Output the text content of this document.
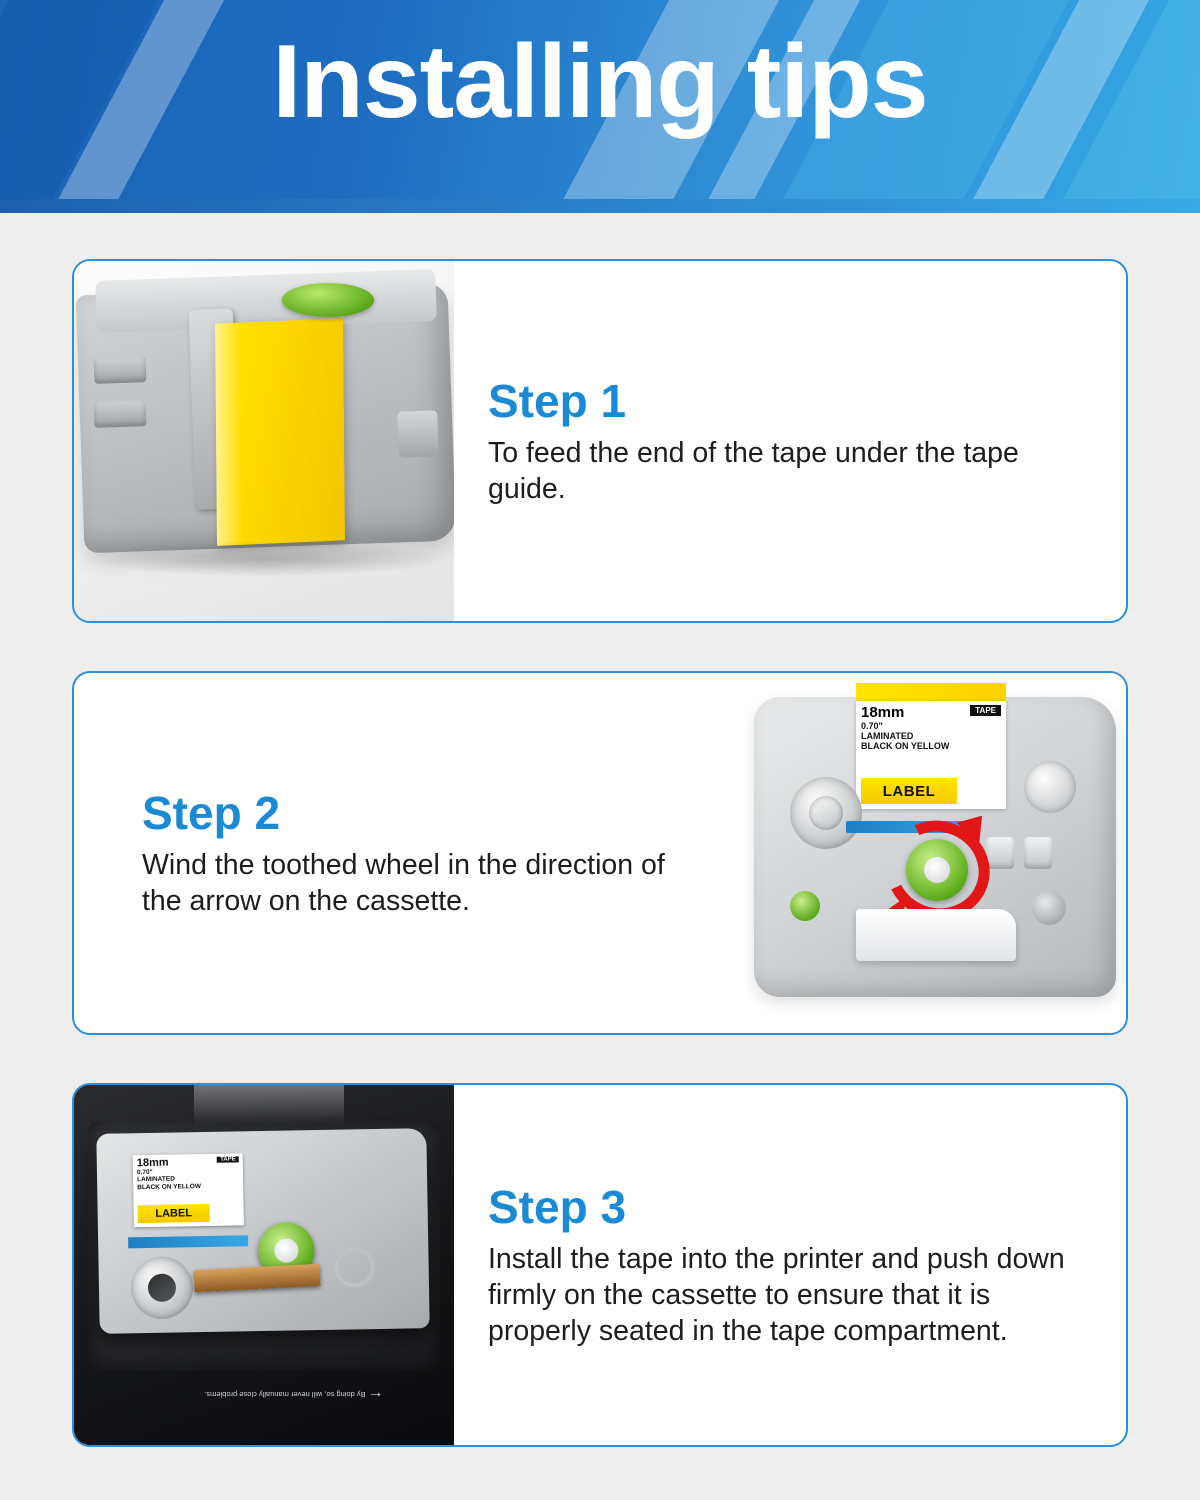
Installing tips
Step 1
To feed the end of the tape under the tape guide.
TAPE
18mm
0.70"
LAMINATED
BLACK ON YELLOW
LABEL
Step 2
Wind the toothed wheel in the direction of the arrow on the cassette.
TAPE
18mm
0.70"
LAMINATED
BLACK ON YELLOW
LABEL
← By doing so, will never manually close problems.
Step 3
Install the tape into the printer and push down firmly on the cassette to ensure that it is properly seated in the tape compartment.
